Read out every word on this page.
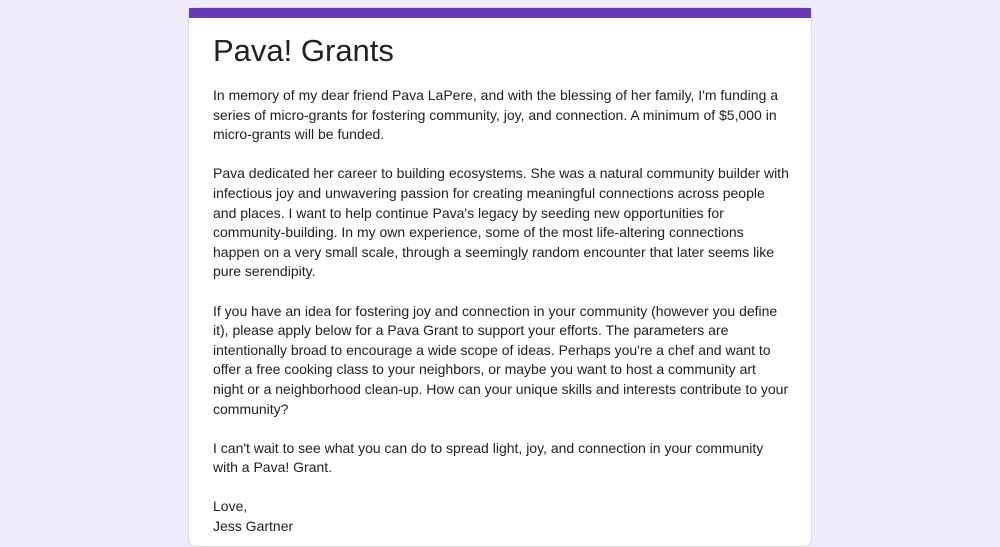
Pava! Grants

In memory of my dear friend Pava LaPere, and with the blessing of her family, I'm funding a series of micro-grants for fostering community, joy, and connection. A minimum of $5,000 in micro-grants will be funded.

Pava dedicated her career to building ecosystems. She was a natural community builder with infectious joy and unwavering passion for creating meaningful connections across people and places. I want to help continue Pava's legacy by seeding new opportunities for community-building. In my own experience, some of the most life-altering connections happen on a very small scale, through a seemingly random encounter that later seems like pure serendipity.

If you have an idea for fostering joy and connection in your community (however you define it), please apply below for a Pava Grant to support your efforts. The parameters are intentionally broad to encourage a wide scope of ideas. Perhaps you're a chef and want to offer a free cooking class to your neighbors, or maybe you want to host a community art night or a neighborhood clean-up. How can your unique skills and interests contribute to your community?

I can't wait to see what you can do to spread light, joy, and connection in your community with a Pava! Grant.

Love,

Jess Gartner
